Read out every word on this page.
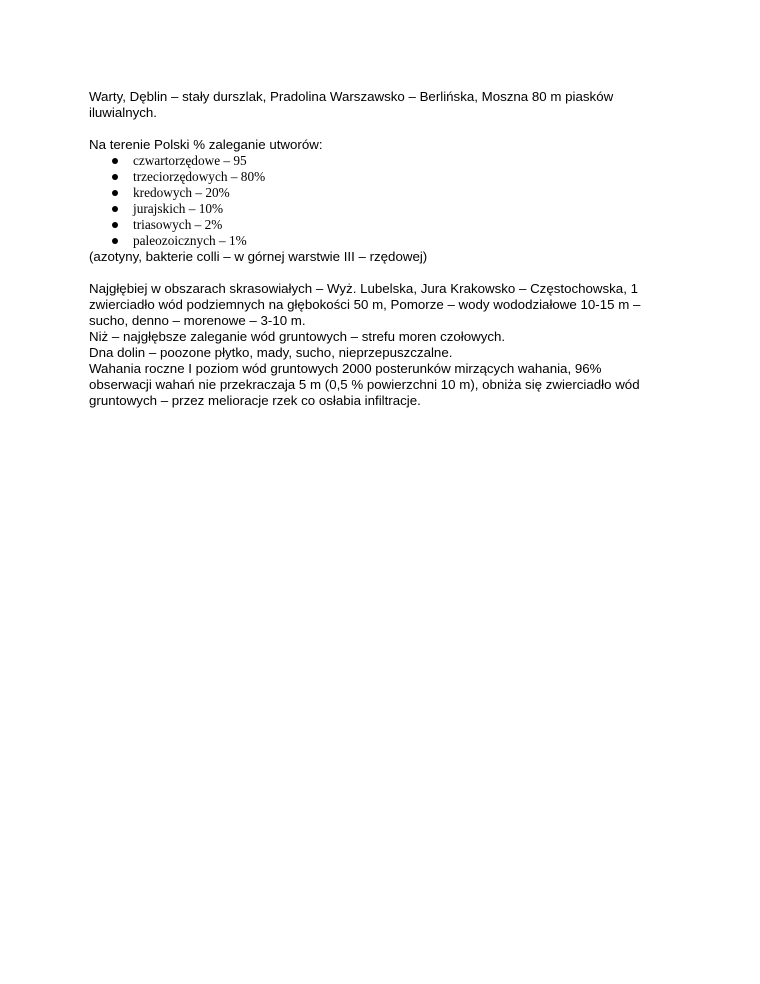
Warty, Dęblin – stały durszlak, Pradolina Warszawsko – Berlińska, Moszna 80 m piasków

iluwialnych.

Na terenie Polski % zaleganie utworów:

czwartorzędowe – 95
trzeciorzędowych – 80%
kredowych – 20%
jurajskich – 10%
triasowych – 2%
paleozoicznych – 1%

(azotyny, bakterie colli – w górnej warstwie III – rzędowej)

Najgłębiej w obszarach skrasowiałych – Wyż. Lubelska, Jura Krakowsko – Częstochowska, 1

zwierciadło wód podziemnych na głębokości 50 m, Pomorze – wody wododziałowe 10-15 m –

sucho, denno – morenowe – 3-10 m.

Niż – najgłębsze zaleganie wód gruntowych – strefu moren czołowych.

Dna dolin – poozone płytko, mady, sucho, nieprzepuszczalne.

Wahania roczne I poziom wód gruntowych 2000 posterunków mirzących wahania, 96%

obserwacji wahań nie przekraczaja 5 m (0,5 % powierzchni 10 m), obniża się zwierciadło wód

gruntowych – przez melioracje rzek co osłabia infiltracje.
